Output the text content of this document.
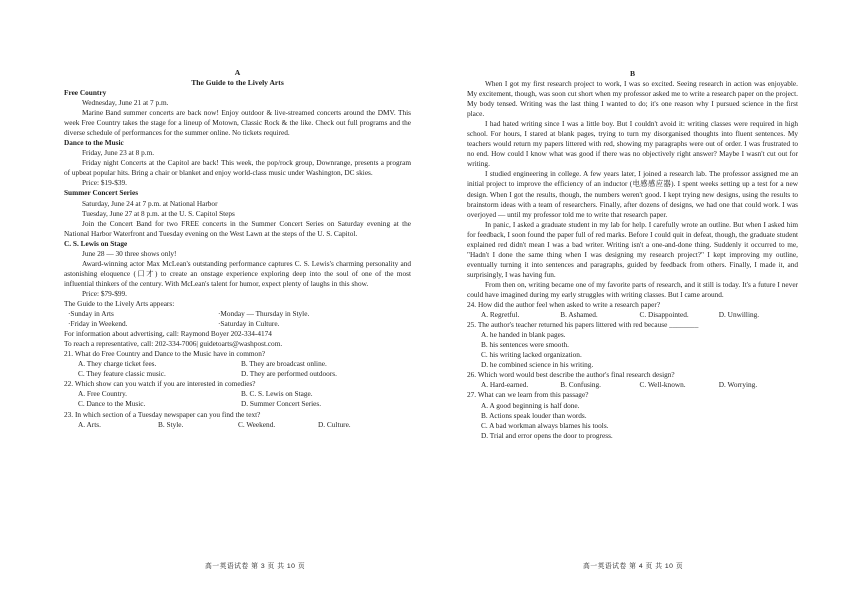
A
The Guide to the Lively Arts
Free Country
Wednesday, June 21 at 7 p.m.
Marine Band summer concerts are back now! Enjoy outdoor & live-streamed concerts around the DMV. This week Free Country takes the stage for a lineup of Motown, Classic Rock & the like. Check out full programs and the diverse schedule of performances for the summer online. No tickets required.
Dance to the Music
Friday, June 23 at 8 p.m.
Friday night Concerts at the Capitol are back! This week, the pop/rock group, Downrange, presents a program of upbeat popular hits. Bring a chair or blanket and enjoy world-class music under Washington, DC skies.
Price: $19-$39.
Summer Concert Series
Saturday, June 24 at 7 p.m. at National Harbor
Tuesday, June 27 at 8 p.m. at the U. S. Capitol Steps
Join the Concert Band for two FREE concerts in the Summer Concert Series on Saturday evening at the National Harbor Waterfront and Tuesday evening on the West Lawn at the steps of the U. S. Capitol.
C. S. Lewis on Stage
June 28 — 30 three shows only!
Award-winning actor Max McLean's outstanding performance captures C. S. Lewis's charming personality and astonishing eloquence (口才) to create an onstage experience exploring deep into the soul of one of the most influential thinkers of the century. With McLean's talent for humor, expect plenty of laughs in this show.
Price: $79-$99.
The Guide to the Lively Arts appears:
·Sunday in Arts	·Monday — Thursday in Style.
·Friday in Weekend.	·Saturday in Culture.
For information about advertising, call: Raymond Boyer 202-334-4174
To reach a representative, call: 202-334-7006| guidetoarts@washpost.com.
21. What do Free Country and Dance to the Music have in common?
A. They charge ticket fees.	B. They are broadcast online.
C. They feature classic music.	D. They are performed outdoors.
22. Which show can you watch if you are interested in comedies?
A. Free Country.	B. C. S. Lewis on Stage.
C. Dance to the Music.	D. Summer Concert Series.
23. In which section of a Tuesday newspaper can you find the text?
A. Arts.	B. Style.	C. Weekend.	D. Culture.
B
When I got my first research project to work, I was so excited. Seeing research in action was enjoyable. My excitement, though, was soon cut short when my professor asked me to write a research paper on the project. My body tensed. Writing was the last thing I wanted to do; it's one reason why I pursued science in the first place.
I had hated writing since I was a little boy. But I couldn't avoid it: writing classes were required in high school. For hours, I stared at blank pages, trying to turn my disorganised thoughts into fluent sentences. My teachers would return my papers littered with red, showing my paragraphs were out of order. I was frustrated to no end. How could I know what was good if there was no objectively right answer? Maybe I wasn't cut out for writing.
I studied engineering in college. A few years later, I joined a research lab. The professor assigned me an initial project to improve the efficiency of an inductor (电感感应器). I spent weeks setting up a test for a new design. When I got the results, though, the numbers weren't good. I kept trying new designs, using the results to brainstorm ideas with a team of researchers. Finally, after dozens of designs, we had one that could work. I was overjoyed — until my professor told me to write that research paper.
In panic, I asked a graduate student in my lab for help. I carefully wrote an outline. But when I asked him for feedback, I soon found the paper full of red marks. Before I could quit in defeat, though, the graduate student explained red didn't mean I was a bad writer. Writing isn't a one-and-done thing. Suddenly it occurred to me, "Hadn't I done the same thing when I was designing my research project?" I kept improving my outline, eventually turning it into sentences and paragraphs, guided by feedback from others. Finally, I made it, and surprisingly, I was having fun.
From then on, writing became one of my favorite parts of research, and it still is today. It's a future I never could have imagined during my early struggles with writing classes. But I came around.
24. How did the author feel when asked to write a research paper?
A. Regretful.	B. Ashamed.	C. Disappointed.	D. Unwilling.
25. The author's teacher returned his papers littered with red because ________
A. he handed in blank pages.
B. his sentences were smooth.
C. his writing lacked organization.
D. he combined science in his writing.
26. Which word would best describe the author's final research design?
A. Hard-earned.	B. Confusing.	C. Well-known.	D. Worrying.
27. What can we learn from this passage?
A. A good beginning is half done.
B. Actions speak louder than words.
C. A bad workman always blames his tools.
D. Trial and error opens the door to progress.
高一英语试卷 第 3 页 共 10 页	高一英语试卷 第 4 页 共 10 页
